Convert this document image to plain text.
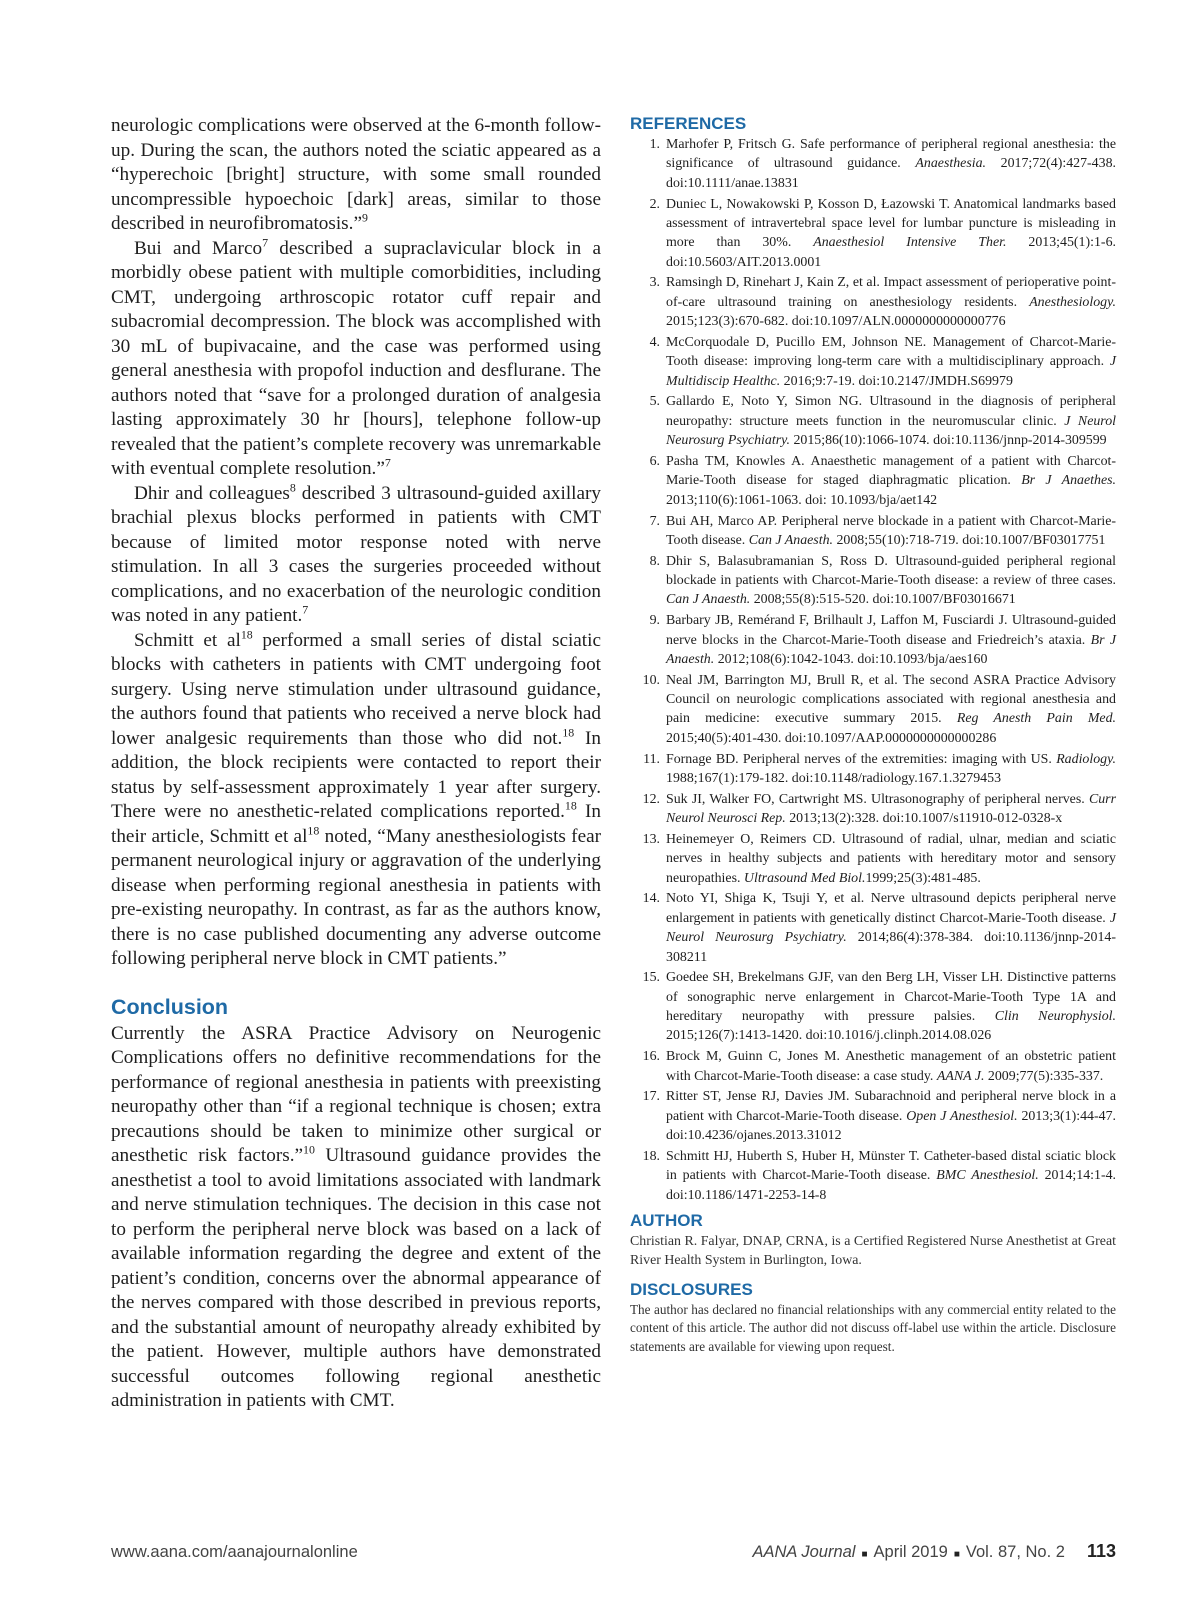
neurologic complications were observed at the 6-month follow-up. During the scan, the authors noted the sciatic appeared as a “hyperechoic [bright] structure, with some small rounded uncompressible hypoechoic [dark] areas, similar to those described in neurofibromatosis.”$^9$

Bui and Marco$^7$ described a supraclavicular block in a morbidly obese patient with multiple comorbidities, including CMT, undergoing arthroscopic rotator cuff repair and subacromial decompression. The block was accomplished with 30 mL of bupivacaine, and the case was performed using general anesthesia with propofol induction and desflurane. The authors noted that “save for a prolonged duration of analgesia lasting approximately 30 hr [hours], telephone follow-up revealed that the patient’s complete recovery was unremarkable with eventual complete resolution.”$^7$

Dhir and colleagues$^8$ described 3 ultrasound-guided axillary brachial plexus blocks performed in patients with CMT because of limited motor response noted with nerve stimulation. In all 3 cases the surgeries proceeded without complications, and no exacerbation of the neurologic condition was noted in any patient.$^7$

Schmitt et $al^{18}$ performed a small series of distal sciatic blocks with catheters in patients with CMT undergoing foot surgery. Using nerve stimulation under ultrasound guidance, the authors found that patients who received a nerve block had lower analgesic requirements than those who did not.$^{18}$ In addition, the block recipients were contacted to report their status by self-assessment approximately 1 year after surgery. There were no anesthetic-related complications reported.$^{18}$ In their article, Schmitt et $al^{18}$ noted, “Many anesthesiologists fear permanent neurological injury or aggravation of the underlying disease when performing regional anesthesia in patients with pre-existing neuropathy. In contrast, as far as the authors know, there is no case published documenting any adverse outcome following peripheral nerve block in CMT patients.”

Conclusion

Currently the ASRA Practice Advisory on Neurogenic Complications offers no definitive recommendations for the performance of regional anesthesia in patients with preexisting neuropathy other than “if a regional technique is chosen; extra precautions should be taken to minimize other surgical or anesthetic risk factors.”$^{10}$ Ultrasound guidance provides the anesthetist a tool to avoid limitations associated with landmark and nerve stimulation techniques. The decision in this case not to perform the peripheral nerve block was based on a lack of available information regarding the degree and extent of the patient’s condition, concerns over the abnormal appearance of the nerves compared with those described in previous reports, and the substantial amount of neuropathy already exhibited by the patient. However, multiple authors have demonstrated successful outcomes following regional anesthetic administration in patients with CMT.

REFERENCES
1. Marhofer P, Fritsch G. Safe performance of peripheral regional anesthesia: the significance of ultrasound guidance. Anaesthesia. 2017;72(4):427-438. doi:10.1111/anae.13831
2. Duniec L, Nowakowski P, Kosson D, Łazowski T. Anatomical landmarks based assessment of intravertebral space level for lumbar puncture is misleading in more than 30%. Anaesthesiol Intensive Ther. 2013;45(1):1-6. doi:10.5603/AIT.2013.0001
3. Ramsingh D, Rinehart J, Kain Z, et al. Impact assessment of perioperative point-of-care ultrasound training on anesthesiology residents. Anesthesiology. 2015;123(3):670-682. doi:10.1097/ALN.0000000000000776
4. McCorquodale D, Pucillo EM, Johnson NE. Management of Charcot-Marie-Tooth disease: improving long-term care with a multidisciplinary approach. J Multidiscip Healthc. 2016;9:7-19. doi:10.2147/JMDH.S69979
5. Gallardo E, Noto Y, Simon NG. Ultrasound in the diagnosis of peripheral neuropathy: structure meets function in the neuromuscular clinic. J Neurol Neurosurg Psychiatry. 2015;86(10):1066-1074. doi:10.1136/jnnp-2014-309599
6. Pasha TM, Knowles A. Anaesthetic management of a patient with Charcot-Marie-Tooth disease for staged diaphragmatic plication. Br J Anaethes. 2013;110(6):1061-1063. doi: 10.1093/bja/aet142
7. Bui AH, Marco AP. Peripheral nerve blockade in a patient with Charcot-Marie-Tooth disease. Can J Anaesth. 2008;55(10):718-719. doi:10.1007/BF03017751
8. Dhir S, Balasubramanian S, Ross D. Ultrasound-guided peripheral regional blockade in patients with Charcot-Marie-Tooth disease: a review of three cases. Can J Anaesth. 2008;55(8):515-520. doi:10.1007/BF03016671
9. Barbary JB, Remérand F, Brilhault J, Laffon M, Fusciardi J. Ultrasound-guided nerve blocks in the Charcot-Marie-Tooth disease and Friedreich’s ataxia. Br J Anaesth. 2012;108(6):1042-1043. doi:10.1093/bja/aes160
10. Neal JM, Barrington MJ, Brull R, et al. The second ASRA Practice Advisory Council on neurologic complications associated with regional anesthesia and pain medicine: executive summary 2015. Reg Anesth Pain Med. 2015;40(5):401-430. doi:10.1097/AAP.0000000000000286
11. Fornage BD. Peripheral nerves of the extremities: imaging with US. Radiology. 1988;167(1):179-182. doi:10.1148/radiology.167.1.3279453
12. Suk JI, Walker FO, Cartwright MS. Ultrasonography of peripheral nerves. Curr Neurol Neurosci Rep. 2013;13(2):328. doi:10.1007/s11910-012-0328-x
13. Heinemeyer O, Reimers CD. Ultrasound of radial, ulnar, median and sciatic nerves in healthy subjects and patients with hereditary motor and sensory neuropathies. Ultrasound Med Biol.1999;25(3):481-485.
14. Noto YI, Shiga K, Tsuji Y, et al. Nerve ultrasound depicts peripheral nerve enlargement in patients with genetically distinct Charcot-Marie-Tooth disease. J Neurol Neurosurg Psychiatry. 2014;86(4):378-384. doi:10.1136/jnnp-2014-308211
15. Goedee SH, Brekelmans GJF, van den Berg LH, Visser LH. Distinctive patterns of sonographic nerve enlargement in Charcot-Marie-Tooth Type 1A and hereditary neuropathy with pressure palsies. Clin Neurophysiol. 2015;126(7):1413-1420. doi:10.1016/j.clinph.2014.08.026
16. Brock M, Guinn C, Jones M. Anesthetic management of an obstetric patient with Charcot-Marie-Tooth disease: a case study. AANA J. 2009;77(5):335-337.
17. Ritter ST, Jense RJ, Davies JM. Subarachnoid and peripheral nerve block in a patient with Charcot-Marie-Tooth disease. Open J Anesthesiol. 2013;3(1):44-47. doi:10.4236/ojanes.2013.31012
18. Schmitt HJ, Huberth S, Huber H, Münster T. Catheter-based distal sciatic block in patients with Charcot-Marie-Tooth disease. BMC Anesthesiol. 2014;14:1-4. doi:10.1186/1471-2253-14-8
AUTHOR

Christian R. Falyar, DNAP, CRNA, is a Certified Registered Nurse Anesthetist at Great River Health System in Burlington, Iowa.

DISCLOSURES

The author has declared no financial relationships with any commercial entity related to the content of this article. The author did not discuss off-label use within the article. Disclosure statements are available for viewing upon request.

www.aana.com/aanajournalonline	AANA Journal ■ April 2019 ■ Vol. 87, No. 2 113
